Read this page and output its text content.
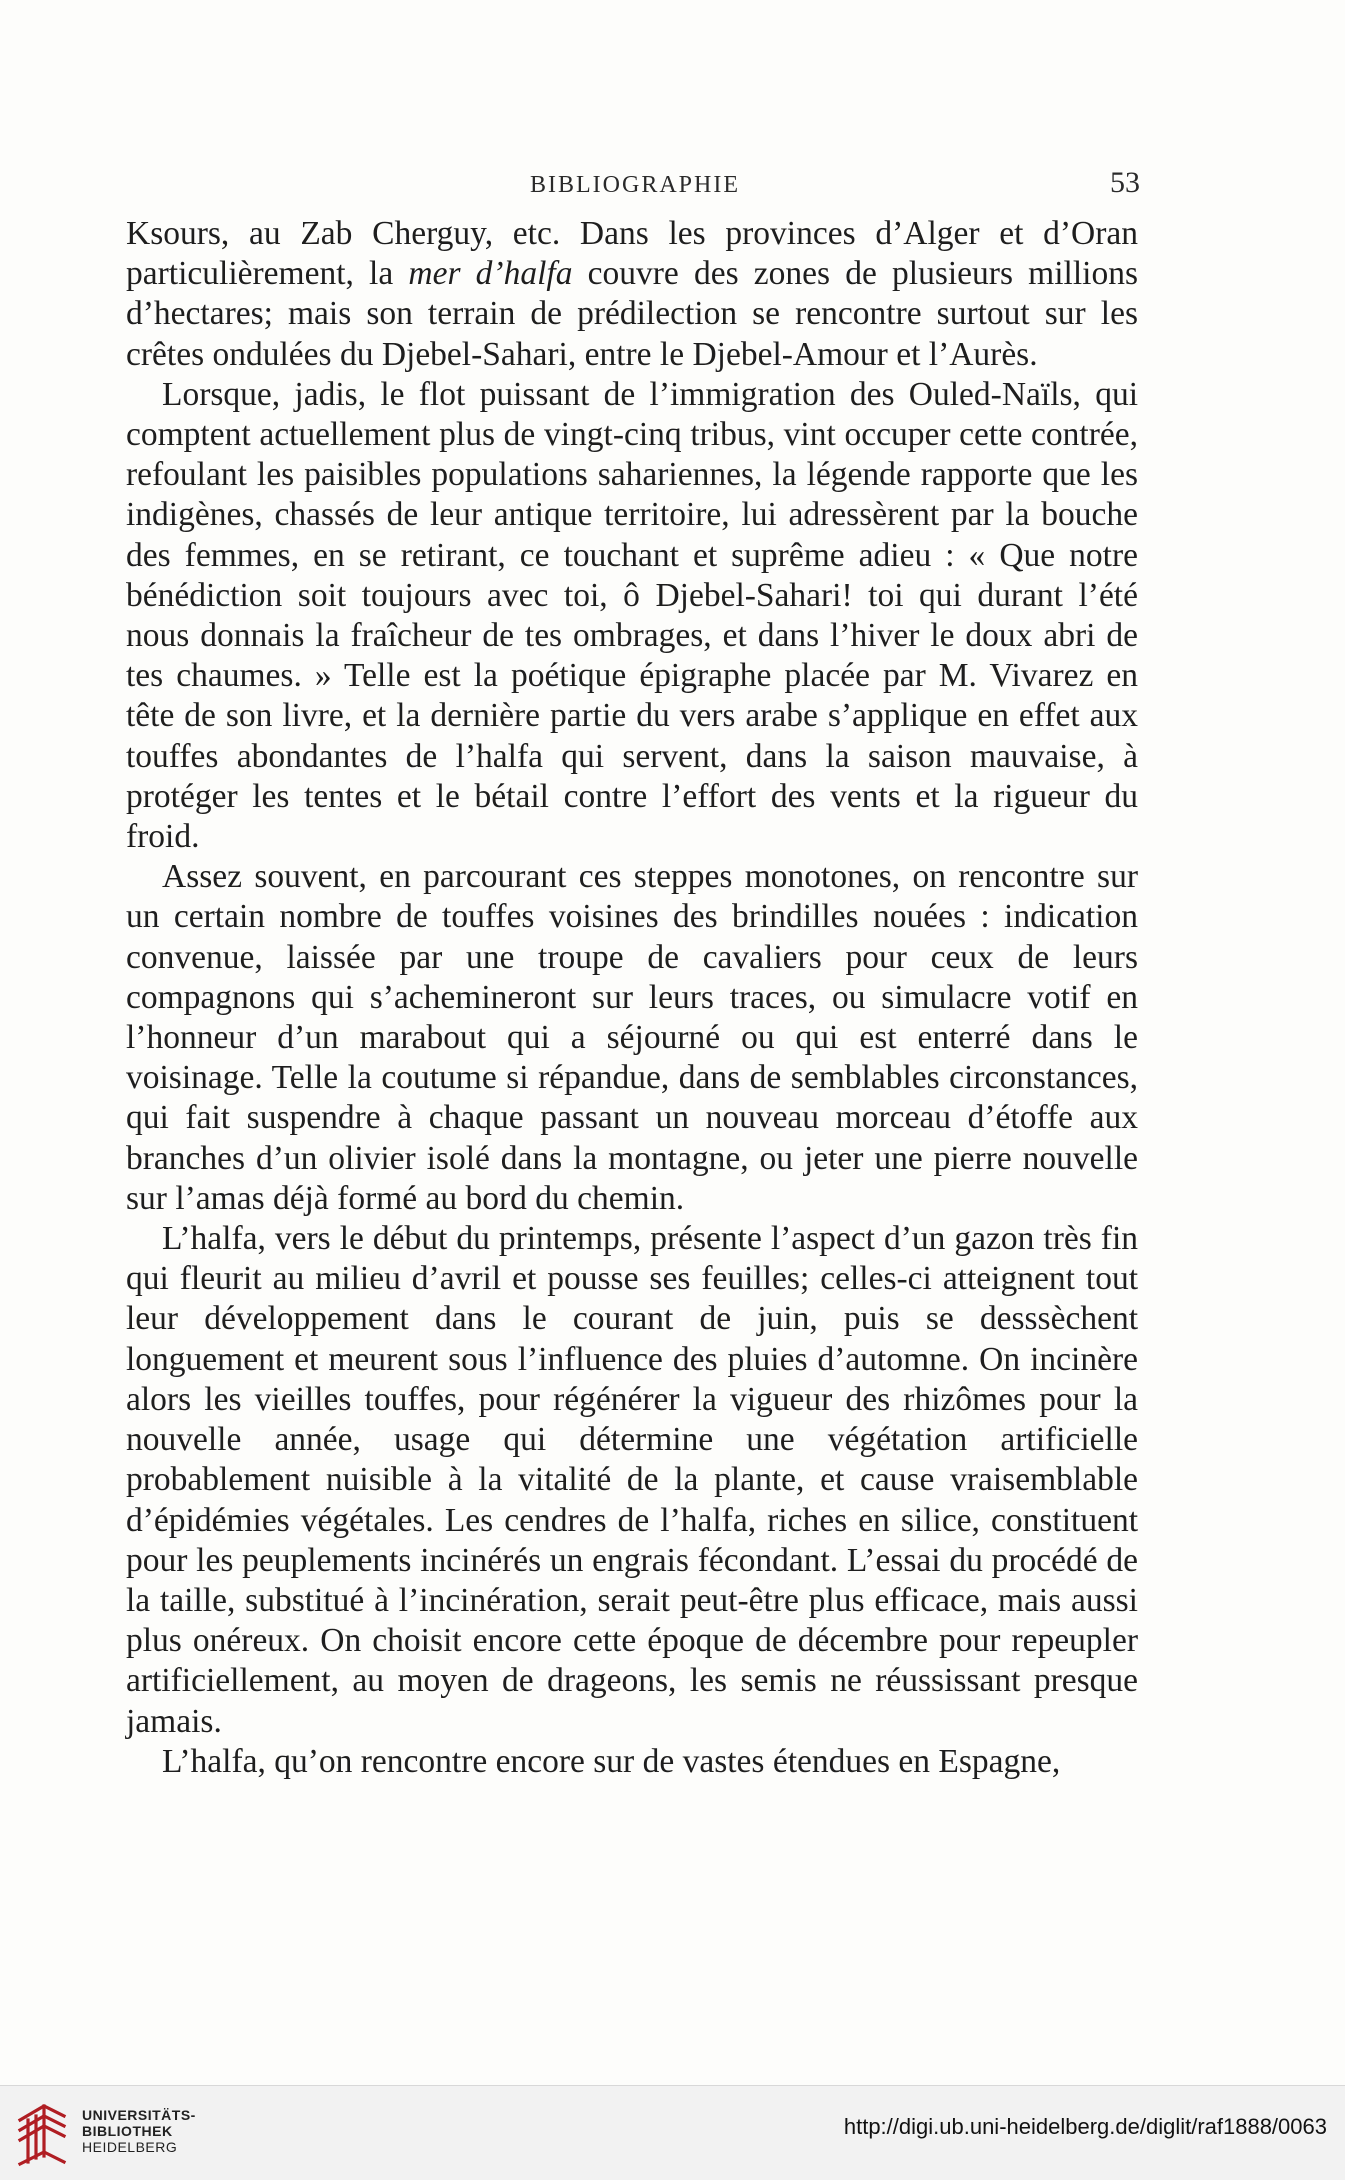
BIBLIOGRAPHIE	53

Ksours, au Zab Cherguy, etc. Dans les provinces d’Alger et d’Oran particulièrement, la mer d’halfa couvre des zones de plusieurs millions d’hectares; mais son terrain de prédilection se rencontre surtout sur les crêtes ondulées du Djebel-Sahari, entre le Djebel-Amour et l’Aurès.

Lorsque, jadis, le flot puissant de l’immigration des Ouled-Naïls, qui comptent actuellement plus de vingt-cinq tribus, vint occuper cette contrée, refoulant les paisibles populations sahariennes, la légende rapporte que les indigènes, chassés de leur antique territoire, lui adressèrent par la bouche des femmes, en se retirant, ce touchant et suprême adieu : « Que notre bénédiction soit toujours avec toi, ô Djebel-Sahari! toi qui durant l’été nous donnais la fraîcheur de tes ombrages, et dans l’hiver le doux abri de tes chaumes. » Telle est la poétique épigraphe placée par M. Vivarez en tête de son livre, et la dernière partie du vers arabe s’applique en effet aux touffes abondantes de l’halfa qui servent, dans la saison mauvaise, à protéger les tentes et le bétail contre l’effort des vents et la rigueur du froid.

Assez souvent, en parcourant ces steppes monotones, on rencontre sur un certain nombre de touffes voisines des brindilles nouées : indication convenue, laissée par une troupe de cavaliers pour ceux de leurs compagnons qui s’achemineront sur leurs traces, ou simulacre votif en l’honneur d’un marabout qui a séjourné ou qui est enterré dans le voisinage. Telle la coutume si répandue, dans de semblables circonstances, qui fait suspendre à chaque passant un nouveau morceau d’étoffe aux branches d’un olivier isolé dans la montagne, ou jeter une pierre nouvelle sur l’amas déjà formé au bord du chemin.

L’halfa, vers le début du printemps, présente l’aspect d’un gazon très fin qui fleurit au milieu d’avril et pousse ses feuilles; celles-ci atteignent tout leur développement dans le courant de juin, puis se desssèchent longuement et meurent sous l’influence des pluies d’automne. On incinère alors les vieilles touffes, pour régénérer la vigueur des rhizômes pour la nouvelle année, usage qui détermine une végétation artificielle probablement nuisible à la vitalité de la plante, et cause vraisemblable d’épidémies végétales. Les cendres de l’halfa, riches en silice, constituent pour les peuplements incinérés un engrais fécondant. L’essai du procédé de la taille, substitué à l’incinération, serait peut-être plus efficace, mais aussi plus onéreux. On choisit encore cette époque de décembre pour repeupler artificiellement, au moyen de drageons, les semis ne réussissant presque jamais.

L’halfa, qu’on rencontre encore sur de vastes étendues en Espagne,

UNIVERSITÄTS-
BIBLIOTHEK
HEIDELBERG
http://digi.ub.uni-heidelberg.de/diglit/raf1888/0063
